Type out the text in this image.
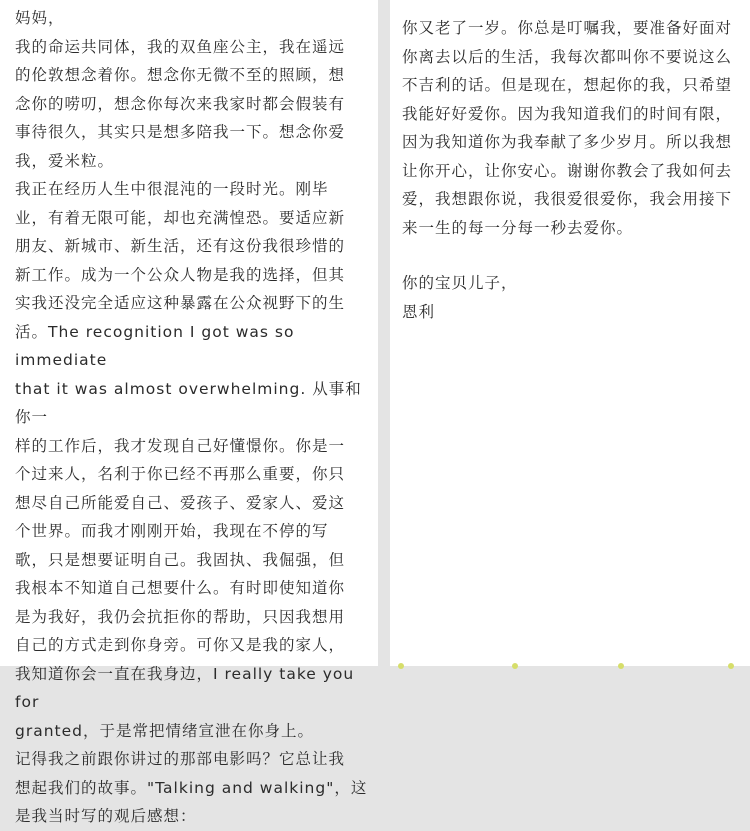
妈妈，

我的命运共同体，我的双鱼座公主，我在遥远
的伦敦想念着你。想念你无微不至的照顾，想
念你的唠叨，想念你每次来我家时都会假装有
事待很久，其实只是想多陪我一下。想念你爱
我，爱米粒。

我正在经历人生中很混沌的一段时光。刚毕
业，有着无限可能，却也充满惶恐。要适应新
朋友、新城市、新生活，还有这份我很珍惜的
新工作。成为一个公众人物是我的选择，但其
实我还没完全适应这种暴露在公众视野下的生
活。The recognition I got was so immediate
that it was almost overwhelming. 从事和你一
样的工作后，我才发现自己好懂憬你。你是一
个过来人，名利于你已经不再那么重要，你只
想尽自己所能爱自己、爱孩子、爱家人、爱这
个世界。而我才刚刚开始，我现在不停的写
歌，只是想要证明自己。我固执、我倔强，但
我根本不知道自己想要什么。有时即使知道你
是为我好，我仍会抗拒你的帮助，只因我想用
自己的方式走到你身旁。可你又是我的家人，
我知道你会一直在我身边，I really take you for
granted，于是常把情绪宣泄在你身上。

记得我之前跟你讲过的那部电影吗？它总让我
想起我们的故事。"Talking and walking"，这
是我当时写的观后感想：

你又老了一岁。你总是叮嘱我，要准备好面对
你离去以后的生活，我每次都叫你不要说这么
不吉利的话。但是现在，想起你的我，只希望
我能好好爱你。因为我知道我们的时间有限，
因为我知道你为我奉献了多少岁月。所以我想
让你开心，让你安心。谢谢你教会了我如何去
爱，我想跟你说，我很爱很爱你，我会用接下
来一生的每一分每一秒去爱你。

你的宝贝儿子，

恩利
